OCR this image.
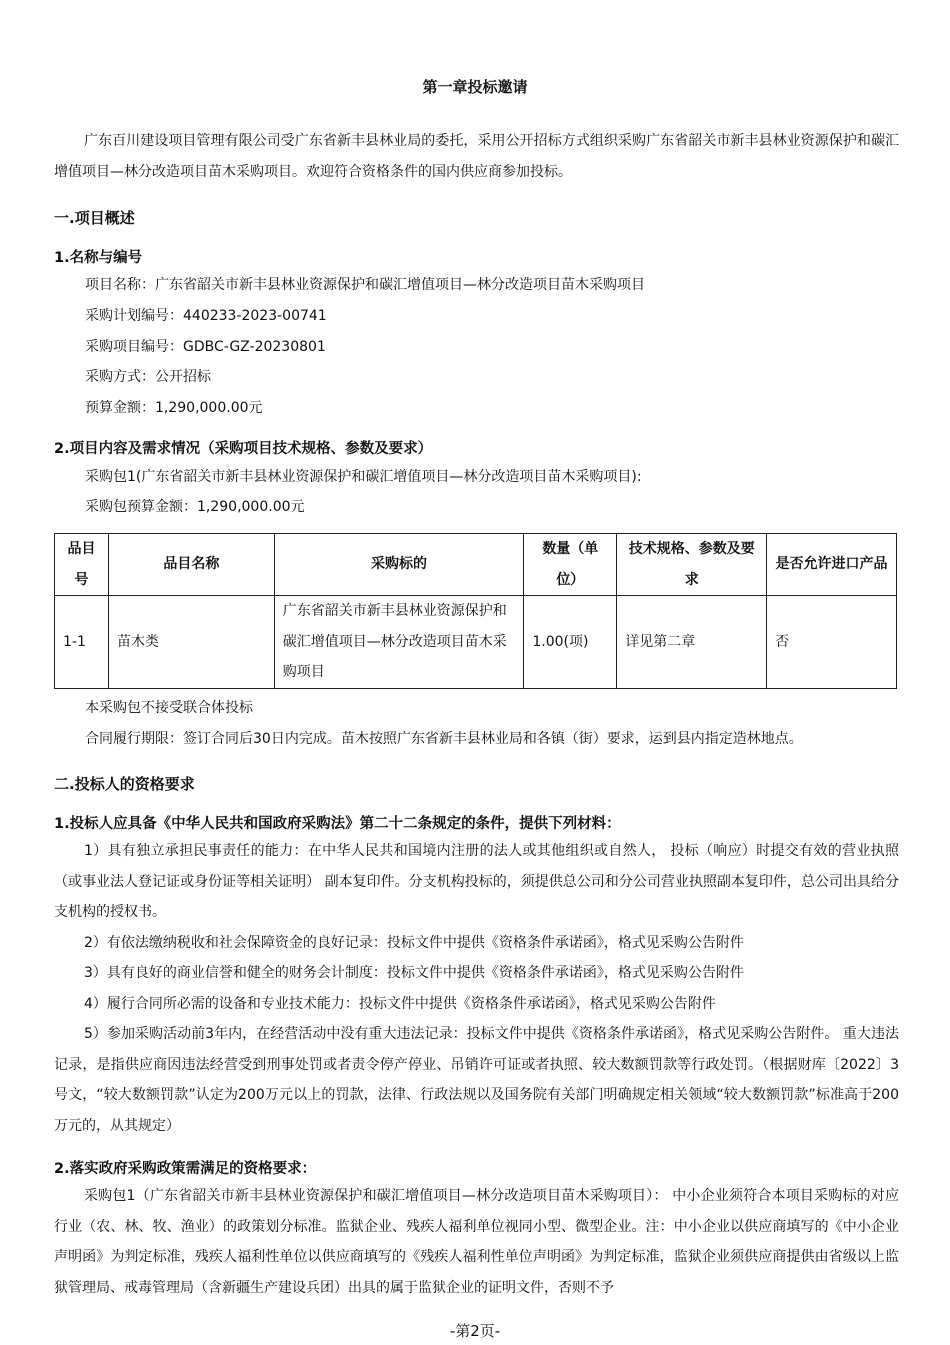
第一章投标邀请
广东百川建设项目管理有限公司受广东省新丰县林业局的委托，采用公开招标方式组织采购广东省韶关市新丰县林业资源保护和碳汇增值项目—林分改造项目苗木采购项目。欢迎符合资格条件的国内供应商参加投标。
一.项目概述
1.名称与编号
项目名称：广东省韶关市新丰县林业资源保护和碳汇增值项目—林分改造项目苗木采购项目
采购计划编号：440233-2023-00741
采购项目编号：GDBC-GZ-20230801
采购方式：公开招标
预算金额：1,290,000.00元
2.项目内容及需求情况（采购项目技术规格、参数及要求）
采购包1(广东省韶关市新丰县林业资源保护和碳汇增值项目—林分改造项目苗木采购项目):
采购包预算金额：1,290,000.00元
品目号	品目名称	采购标的	数量（单位）	技术规格、参数及要求	是否允许进口产品
1-1	苗木类	广东省韶关市新丰县林业资源保护和碳汇增值项目—林分改造项目苗木采购项目	1.00(项)	详见第二章	否
本采购包不接受联合体投标
合同履行期限：签订合同后30日内完成。苗木按照广东省新丰县林业局和各镇（街）要求，运到县内指定造林地点。
二.投标人的资格要求
1.投标人应具备《中华人民共和国政府采购法》第二十二条规定的条件，提供下列材料：
1）具有独立承担民事责任的能力：在中华人民共和国境内注册的法人或其他组织或自然人， 投标（响应）时提交有效的营业执照（或事业法人登记证或身份证等相关证明） 副本复印件。分支机构投标的，须提供总公司和分公司营业执照副本复印件，总公司出具给分支机构的授权书。
2）有依法缴纳税收和社会保障资金的良好记录：投标文件中提供《资格条件承诺函》，格式见采购公告附件
3）具有良好的商业信誉和健全的财务会计制度：投标文件中提供《资格条件承诺函》，格式见采购公告附件
4）履行合同所必需的设备和专业技术能力：投标文件中提供《资格条件承诺函》，格式见采购公告附件
5）参加采购活动前3年内，在经营活动中没有重大违法记录：投标文件中提供《资格条件承诺函》，格式见采购公告附件。 重大违法记录，是指供应商因违法经营受到刑事处罚或者责令停产停业、吊销许可证或者执照、较大数额罚款等行政处罚。（根据财库〔2022〕3号文，“较大数额罚款”认定为200万元以上的罚款，法律、行政法规以及国务院有关部门明确规定相关领域“较大数额罚款”标准高于200万元的，从其规定）
2.落实政府采购政策需满足的资格要求：
采购包1（广东省韶关市新丰县林业资源保护和碳汇增值项目—林分改造项目苗木采购项目）： 中小企业须符合本项目采购标的对应行业（农、林、牧、渔业）的政策划分标准。监狱企业、残疾人福利单位视同小型、微型企业。注：中小企业以供应商填写的《中小企业声明函》为判定标准，残疾人福利性单位以供应商填写的《残疾人福利性单位声明函》为判定标准，监狱企业须供应商提供由省级以上监狱管理局、戒毒管理局（含新疆生产建设兵团）出具的属于监狱企业的证明文件，否则不予
-第2页-
